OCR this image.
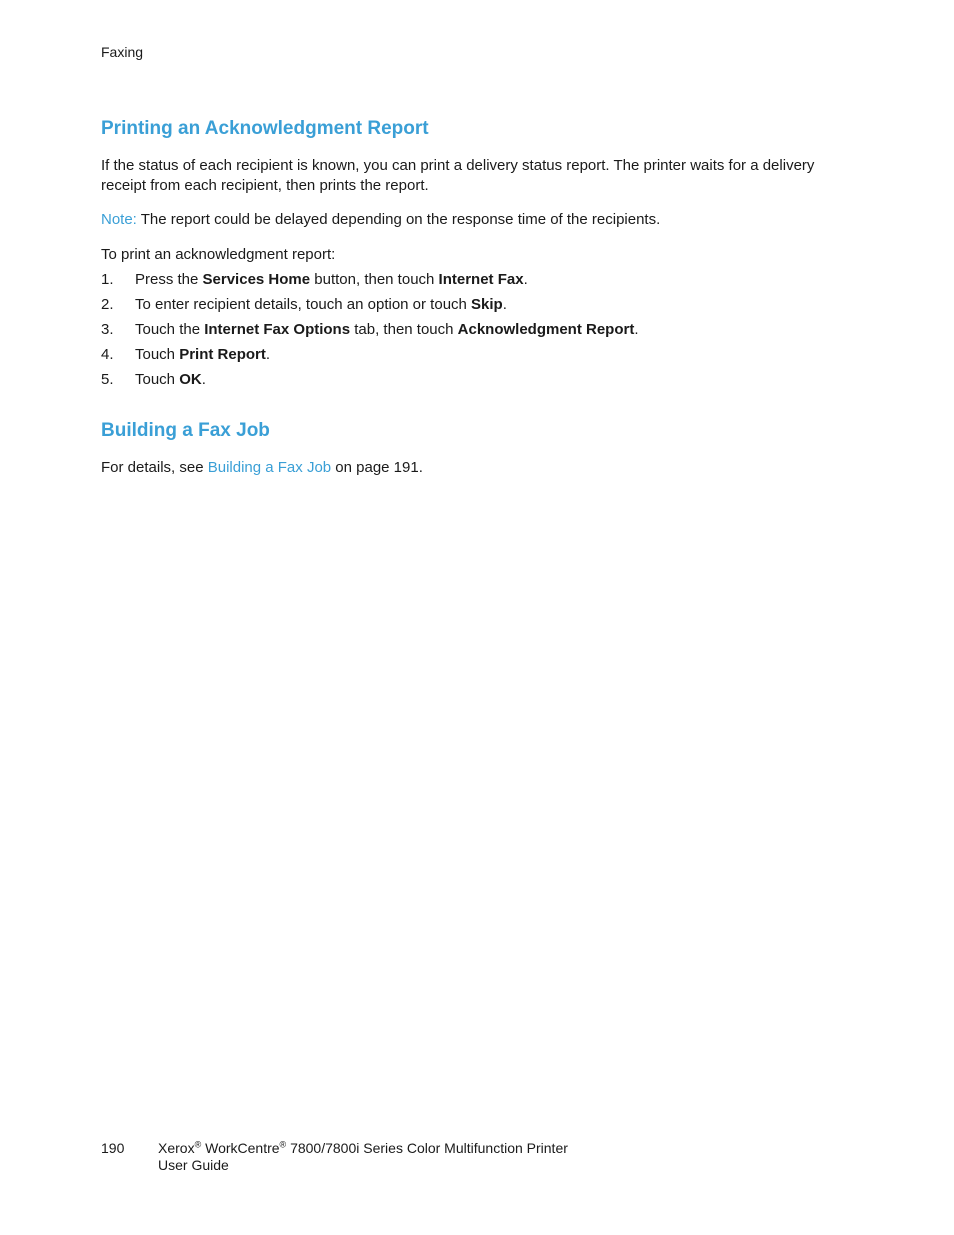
Faxing
Printing an Acknowledgment Report

If the status of each recipient is known, you can print a delivery status report. The printer waits for a delivery receipt from each recipient, then prints the report.

Note: The report could be delayed depending on the response time of the recipients.

To print an acknowledgment report:

1.	Press the Services Home button, then touch Internet Fax.
2.	To enter recipient details, touch an option or touch Skip.
3.	Touch the Internet Fax Options tab, then touch Acknowledgment Report.
4.	Touch Print Report.
5.	Touch OK.
Building a Fax Job

For details, see Building a Fax Job on page 191.

190	Xerox® WorkCentre® 7800/7800i Series Color Multifunction Printer
User Guide
